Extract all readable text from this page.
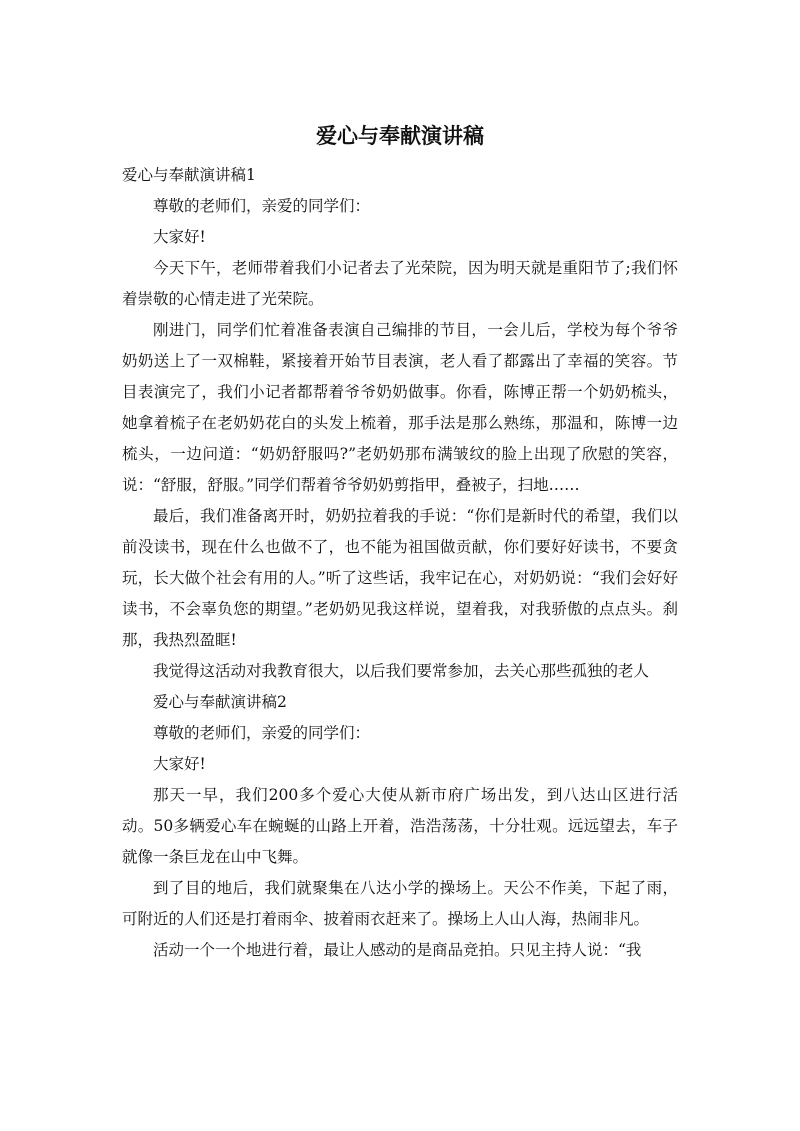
爱心与奉献演讲稿

爱心与奉献演讲稿1

尊敬的老师们，亲爱的同学们：

大家好!

今天下午，老师带着我们小记者去了光荣院，因为明天就是重阳节了;我们怀着崇敬的心情走进了光荣院。

刚进门，同学们忙着准备表演自己编排的节目，一会儿后，学校为每个爷爷奶奶送上了一双棉鞋，紧接着开始节目表演，老人看了都露出了幸福的笑容。节目表演完了，我们小记者都帮着爷爷奶奶做事。你看，陈博正帮一个奶奶梳头，她拿着梳子在老奶奶花白的头发上梳着，那手法是那么熟练，那温和，陈博一边梳头，一边问道：“奶奶舒服吗?”老奶奶那布满皱纹的脸上出现了欣慰的笑容，说：“舒服，舒服。”同学们帮着爷爷奶奶剪指甲，叠被子，扫地……

最后，我们准备离开时，奶奶拉着我的手说：“你们是新时代的希望，我们以前没读书，现在什么也做不了，也不能为祖国做贡献，你们要好好读书，不要贪玩，长大做个社会有用的人。”听了这些话，我牢记在心，对奶奶说：“我们会好好读书，不会辜负您的期望。”老奶奶见我这样说，望着我，对我骄傲的点点头。刹那，我热烈盈眶!

我觉得这活动对我教育很大，以后我们要常参加，去关心那些孤独的老人

爱心与奉献演讲稿2

尊敬的老师们，亲爱的同学们：

大家好!

那天一早，我们200多个爱心大使从新市府广场出发，到八达山区进行活动。50多辆爱心车在蜿蜒的山路上开着，浩浩荡荡，十分壮观。远远望去，车子就像一条巨龙在山中飞舞。

到了目的地后，我们就聚集在八达小学的操场上。天公不作美，下起了雨，可附近的人们还是打着雨伞、披着雨衣赶来了。操场上人山人海，热闹非凡。

活动一个一个地进行着，最让人感动的是商品竞拍。只见主持人说：“我
